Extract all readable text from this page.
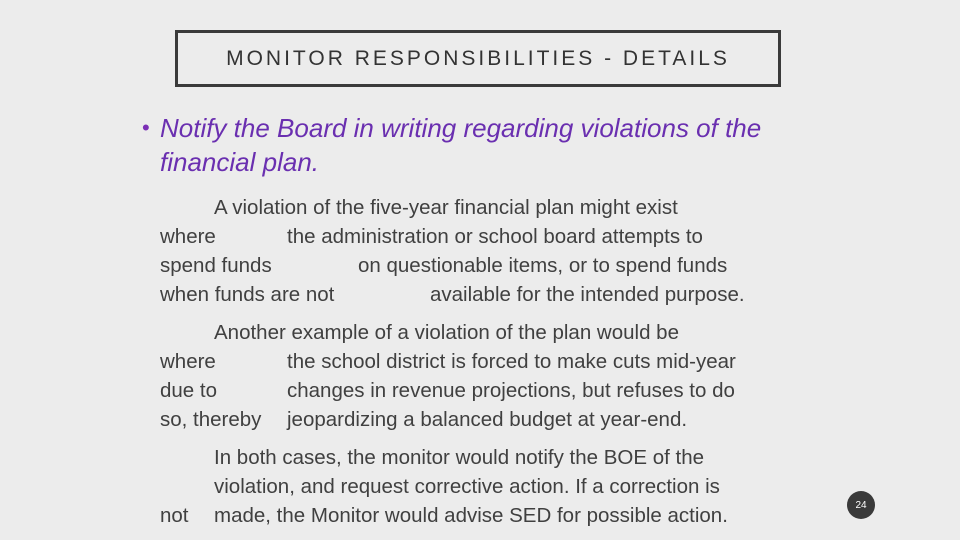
MONITOR RESPONSIBILITIES - DETAILS
• Notify the Board in writing regarding violations of the financial plan.
A violation of the five-year financial plan might exist
where	the administration or school board attempts to
spend funds	on questionable items, or to spend funds
when funds are not	available for the intended purpose.
Another example of a violation of the plan would be
where	the school district is forced to make cuts mid-year
due to	changes in revenue projections, but refuses to do
so, thereby jeopardizing a balanced budget at year-end.
In both cases, the monitor would notify the BOE of the
violation, and request corrective action. If a correction is
not made, the Monitor would advise SED for possible action.	24
